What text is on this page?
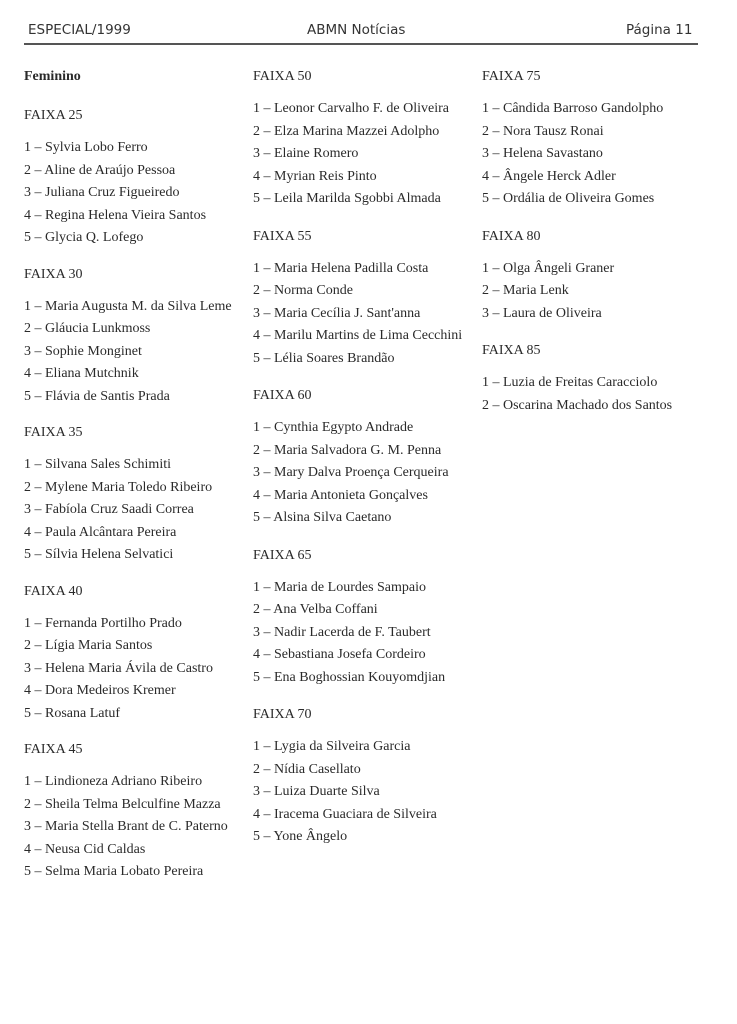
ESPECIAL/1999	ABMN Notícias	Página 11
Feminino
FAIXA 25
1 – Sylvia Lobo Ferro
2 – Aline de Araújo Pessoa
3 – Juliana Cruz Figueiredo
4 – Regina Helena Vieira Santos
5 – Glycia Q. Lofego
FAIXA 30
1 – Maria Augusta M. da Silva Leme
2 – Gláucia Lunkmoss
3 – Sophie Monginet
4 – Eliana Mutchnik
5 – Flávia de Santis Prada
FAIXA 35
1 – Silvana Sales Schimiti
2 – Mylene Maria Toledo Ribeiro
3 – Fabíola Cruz Saadi Correa
4 – Paula Alcântara Pereira
5 – Sílvia Helena Selvatici
FAIXA 40
1 – Fernanda Portilho Prado
2 – Lígia Maria Santos
3 – Helena Maria Ávila de Castro
4 – Dora Medeiros Kremer
5 – Rosana Latuf
FAIXA 45
1 – Lindioneza Adriano Ribeiro
2 – Sheila Telma Belculfine Mazza
3 – Maria Stella Brant de C. Paterno
4 – Neusa Cid Caldas
5 – Selma Maria Lobato Pereira
FAIXA 50
1 – Leonor Carvalho F. de Oliveira
2 – Elza Marina Mazzei Adolpho
3 – Elaine Romero
4 – Myrian Reis Pinto
5 – Leila Marilda Sgobbi Almada
FAIXA 55
1 – Maria Helena Padilla Costa
2 – Norma Conde
3 – Maria Cecília J. Sant'anna
4 – Marilu Martins de Lima Cecchini
5 – Lélia Soares Brandão
FAIXA 60
1 – Cynthia Egypto Andrade
2 – Maria Salvadora G. M. Penna
3 – Mary Dalva Proença Cerqueira
4 – Maria Antonieta Gonçalves
5 – Alsina Silva Caetano
FAIXA 65
1 – Maria de Lourdes Sampaio
2 – Ana Velba Coffani
3 – Nadir Lacerda de F. Taubert
4 – Sebastiana Josefa Cordeiro
5 – Ena Boghossian Kouyomdjian
FAIXA 70
1 – Lygia da Silveira Garcia
2 – Nídia Casellato
3 – Luiza Duarte Silva
4 – Iracema Guaciara de Silveira
5 – Yone Ângelo
FAIXA 75
1 – Cândida Barroso Gandolpho
2 – Nora Tausz Ronai
3 – Helena Savastano
4 – Ângele Herck Adler
5 – Ordália de Oliveira Gomes
FAIXA 80
1 – Olga Ângeli Graner
2 – Maria Lenk
3 – Laura de Oliveira
FAIXA 85
1 – Luzia de Freitas Caracciolo
2 – Oscarina Machado dos Santos
